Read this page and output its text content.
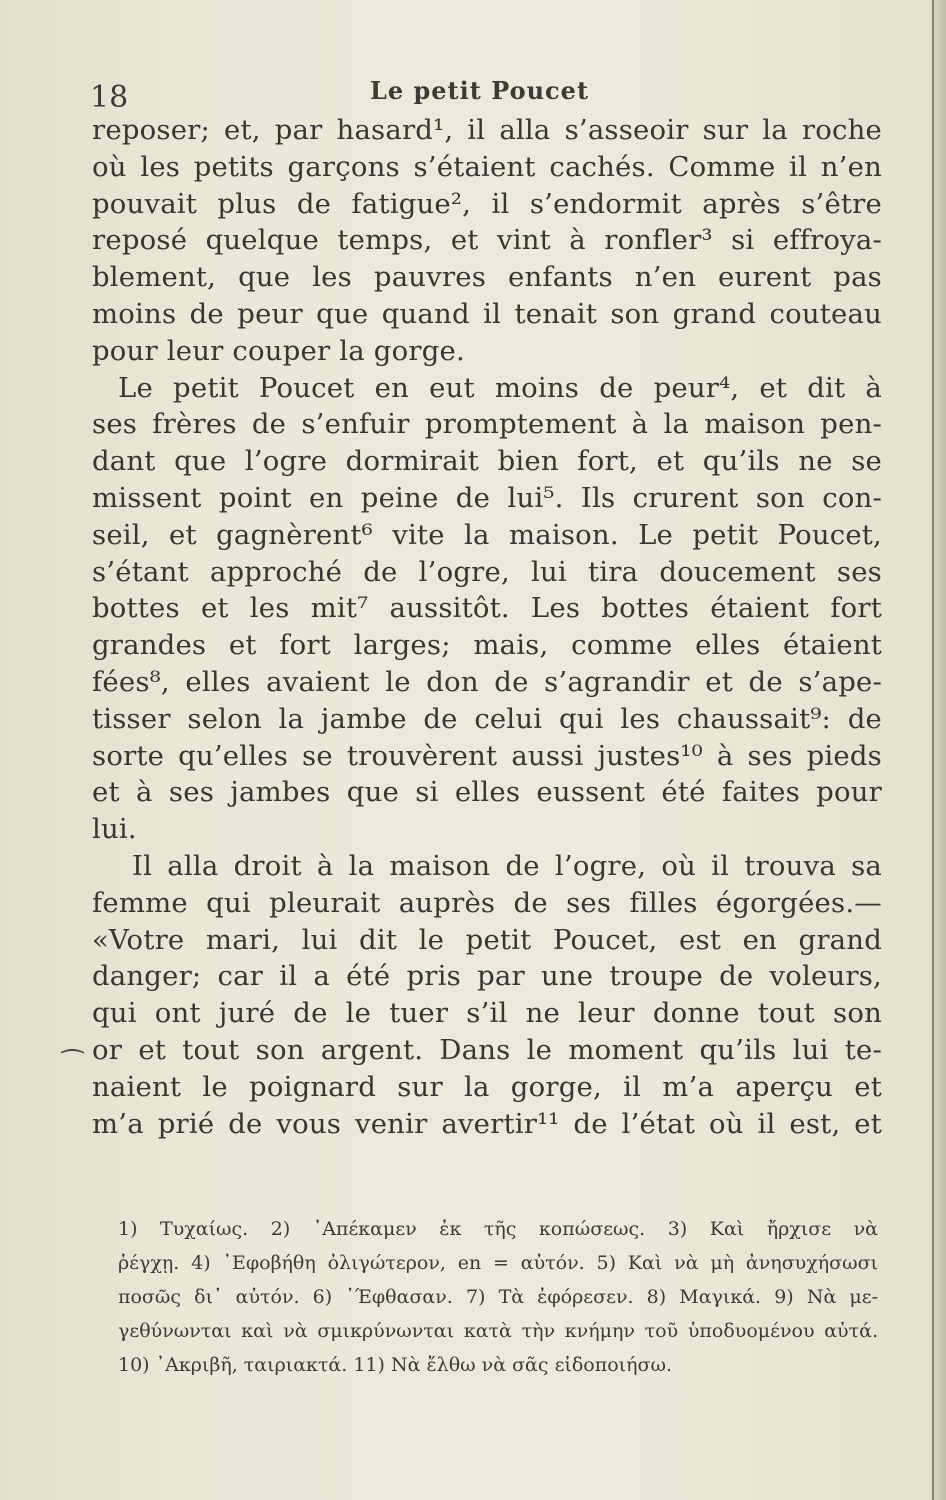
18	Le petit Poucet
reposer; et, par hasard¹, il alla s’asseoir sur la roche
où les petits garçons s’étaient cachés. Comme il n’en
pouvait plus de fatigue², il s’endormit après s’être
reposé quelque temps, et vint à ronfler³ si effroya-
blement, que les pauvres enfants n’en eurent pas
moins de peur que quand il tenait son grand couteau
pour leur couper la gorge.
Le petit Poucet en eut moins de peur⁴, et dit à
ses frères de s’enfuir promptement à la maison pen-
dant que l’ogre dormirait bien fort, et qu’ils ne se
missent point en peine de lui⁵. Ils crurent son con-
seil, et gagnèrent⁶ vite la maison. Le petit Poucet,
s’étant approché de l’ogre, lui tira doucement ses
bottes et les mit⁷ aussitôt. Les bottes étaient fort
grandes et fort larges; mais, comme elles étaient
fées⁸, elles avaient le don de s’agrandir et de s’ape-
tisser selon la jambe de celui qui les chaussait⁹: de
sorte qu’elles se trouvèrent aussi justes¹⁰ à ses pieds
et à ses jambes que si elles eussent été faites pour
lui.
Il alla droit à la maison de l’ogre, où il trouva sa
femme qui pleurait auprès de ses filles égorgées.—
«Votre mari, lui dit le petit Poucet, est en grand
danger; car il a été pris par une troupe de voleurs,
qui ont juré de le tuer s’il ne leur donne tout son
or et tout son argent. Dans le moment qu’ils lui te-
naient le poignard sur la gorge, il m’a aperçu et
m’a prié de vous venir avertir¹¹ de l’état où il est, et
⁔
1) Τυχαίως. 2) ᾿Απέκαμεν ἐκ τῆς κοπώσεως. 3) Καὶ ἤρχισε νὰ
ῥέγχῃ. 4) ᾿Εφοβήθη ὀλιγώτερον, en = αὐτόν. 5) Καὶ νὰ μὴ ἀνησυχήσωσι
ποσῶς δι᾿ αὐτόν. 6) ᾿Έφθασαν. 7) Τὰ ἐφόρεσεν. 8) Μαγικά. 9) Νὰ με-
γεθύνωνται καὶ νὰ σμικρύνωνται κατὰ τὴν κνήμην τοῦ ὑποδυομένου αὐτά.
10) ᾿Ακριβῆ, ταιριακτά. 11) Νὰ ἔλθω νὰ σᾶς εἰδοποιήσω.
